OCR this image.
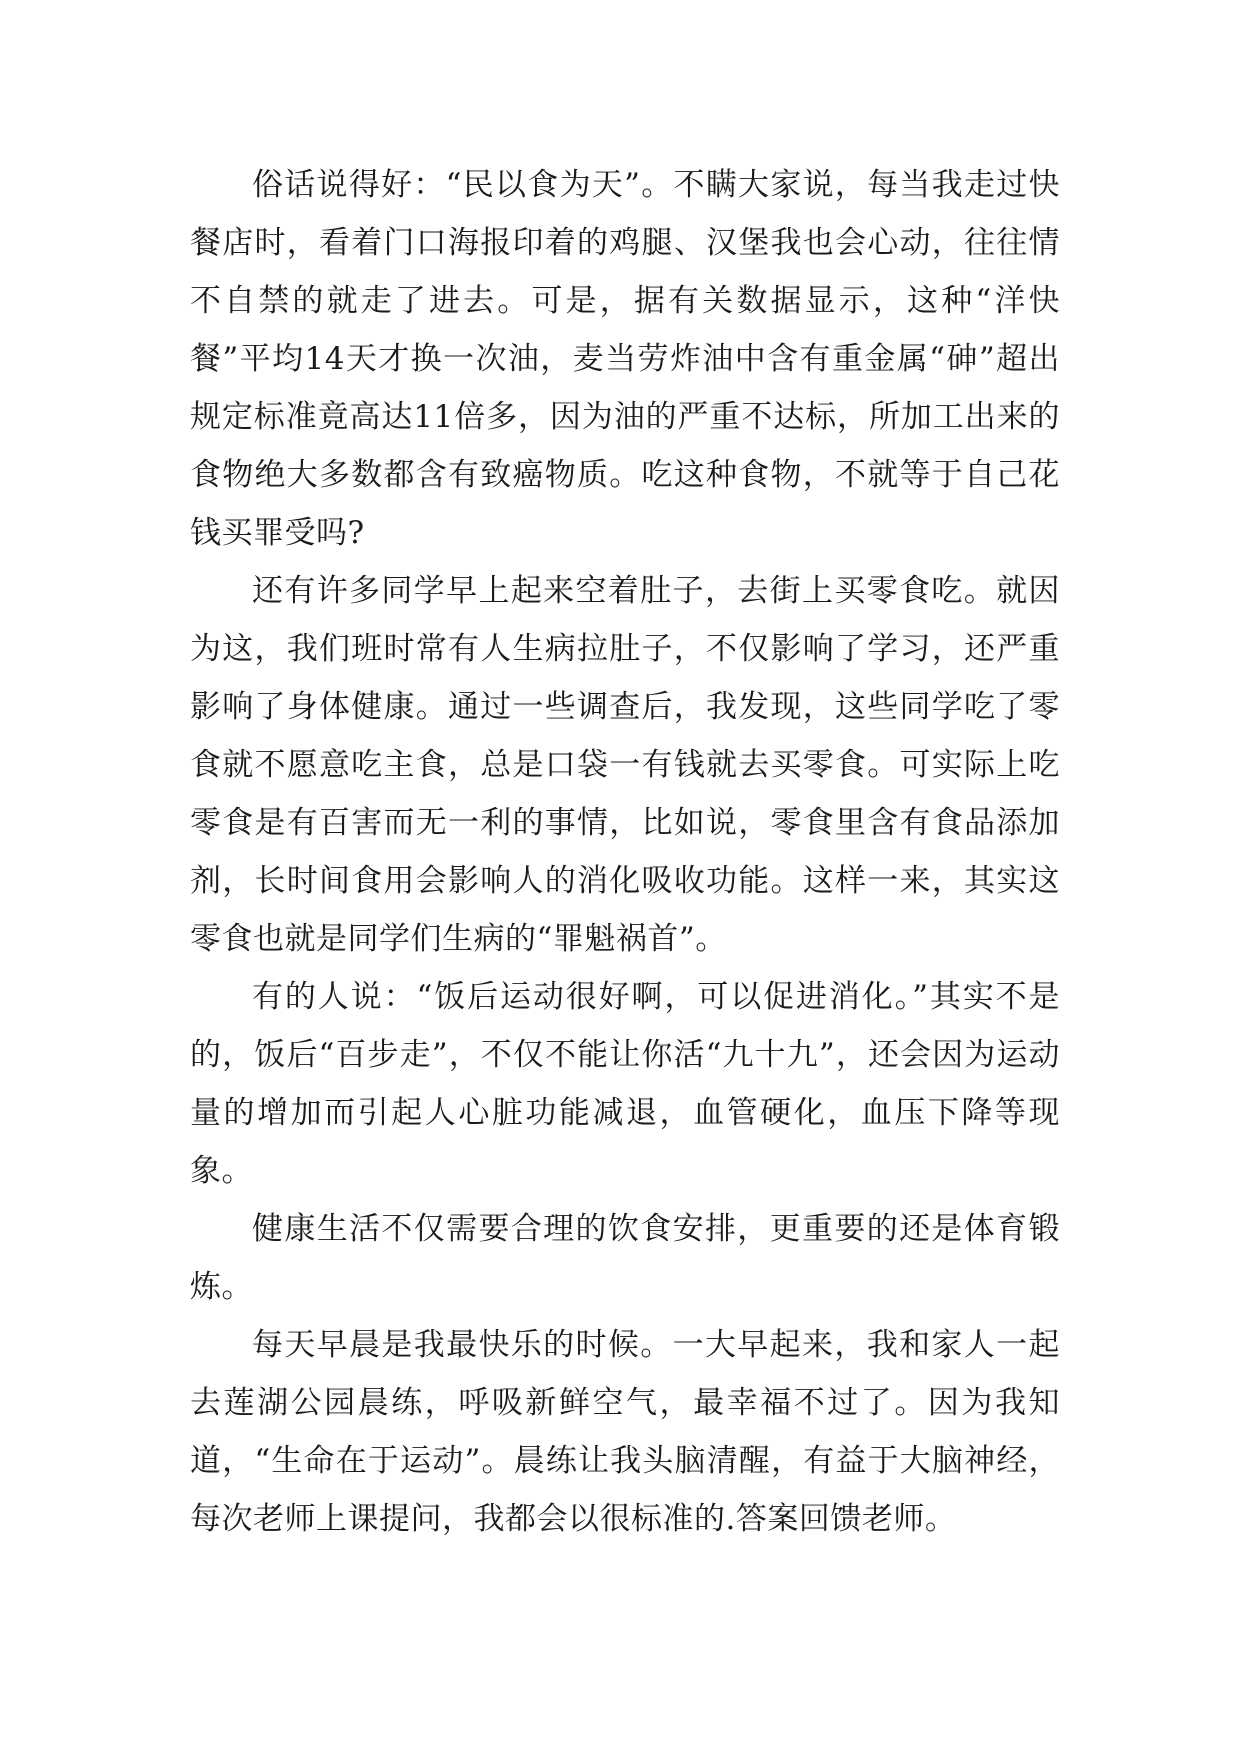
俗话说得好：“民以食为天”。不瞒大家说，每当我走过快餐店时，看着门口海报印着的鸡腿、汉堡我也会心动，往往情不自禁的就走了进去。可是，据有关数据显示，这种“洋快餐”平均14天才换一次油，麦当劳炸油中含有重金属“砷”超出规定标准竟高达11倍多，因为油的严重不达标，所加工出来的食物绝大多数都含有致癌物质。吃这种食物，不就等于自己花钱买罪受吗?

还有许多同学早上起来空着肚子，去街上买零食吃。就因为这，我们班时常有人生病拉肚子，不仅影响了学习，还严重影响了身体健康。通过一些调查后，我发现，这些同学吃了零食就不愿意吃主食，总是口袋一有钱就去买零食。可实际上吃零食是有百害而无一利的事情，比如说，零食里含有食品添加剂，长时间食用会影响人的消化吸收功能。这样一来，其实这零食也就是同学们生病的“罪魁祸首”。

有的人说：“饭后运动很好啊，可以促进消化。”其实不是的，饭后“百步走”，不仅不能让你活“九十九”，还会因为运动量的增加而引起人心脏功能减退，血管硬化，血压下降等现象。

健康生活不仅需要合理的饮食安排，更重要的还是体育锻炼。

每天早晨是我最快乐的时候。一大早起来，我和家人一起去莲湖公园晨练，呼吸新鲜空气，最幸福不过了。因为我知道，“生命在于运动”。晨练让我头脑清醒，有益于大脑神经，每次老师上课提问，我都会以很标准的.答案回馈老师。
